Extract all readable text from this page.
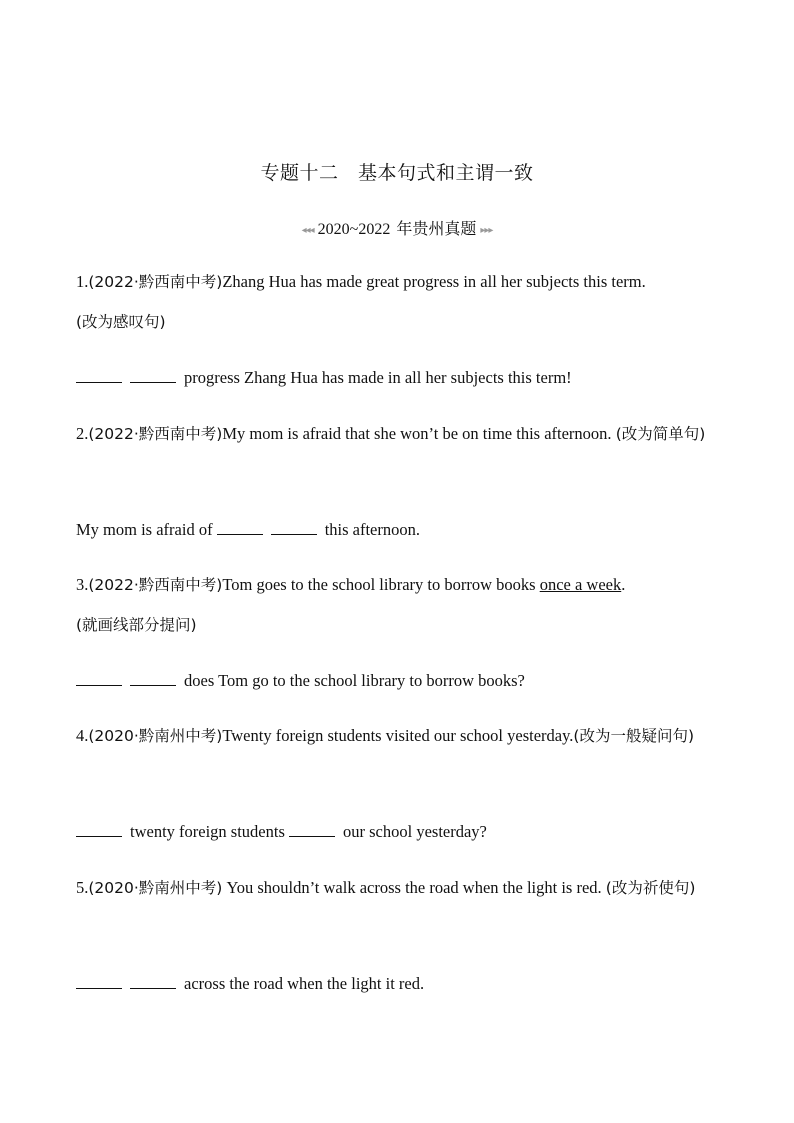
专题十二　基本句式和主谓一致
◂◂◂ 2020~2022 年贵州真题 ▸▸▸
1.(2022·黔西南中考)Zhang Hua has made great progress in all her subjects this term.
(改为感叹句)
progress Zhang Hua has made in all her subjects this term!
2.(2022·黔西南中考)My mom is afraid that she won’t be on time this afternoon. (改为简单句)
My mom is afraid of	this afternoon.
3.(2022·黔西南中考)Tom goes to the school library to borrow books once a week.
(就画线部分提问)
does Tom go to the school library to borrow books?
4.(2020·黔南州中考)Twenty foreign students visited our school yesterday.(改为一般疑问句)
twenty foreign students	our school yesterday?
5.(2020·黔南州中考) You shouldn’t walk across the road when the light is red. (改为祈使句)
across the road when the light it red.
